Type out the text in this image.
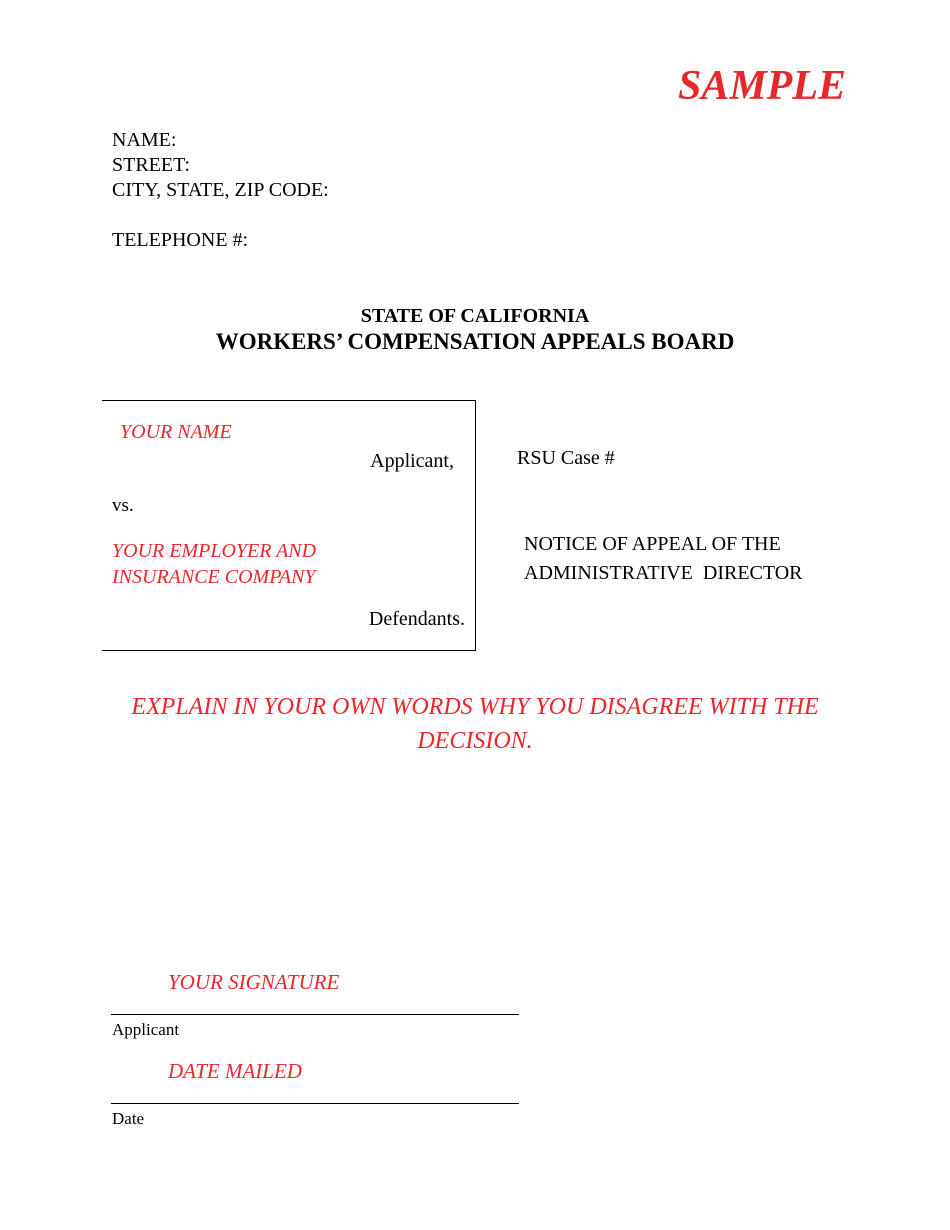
SAMPLE
NAME:
STREET:
CITY, STATE, ZIP CODE:
TELEPHONE #:
STATE OF CALIFORNIA
WORKERS’ COMPENSATION APPEALS BOARD
YOUR NAME
Applicant,
vs.
YOUR EMPLOYER AND
INSURANCE COMPANY
Defendants.
RSU Case #
NOTICE OF APPEAL OF THE
ADMINISTRATIVE  DIRECTOR
EXPLAIN IN YOUR OWN WORDS WHY YOU DISAGREE WITH THE DECISION.
YOUR SIGNATURE
Applicant
DATE MAILED
Date
